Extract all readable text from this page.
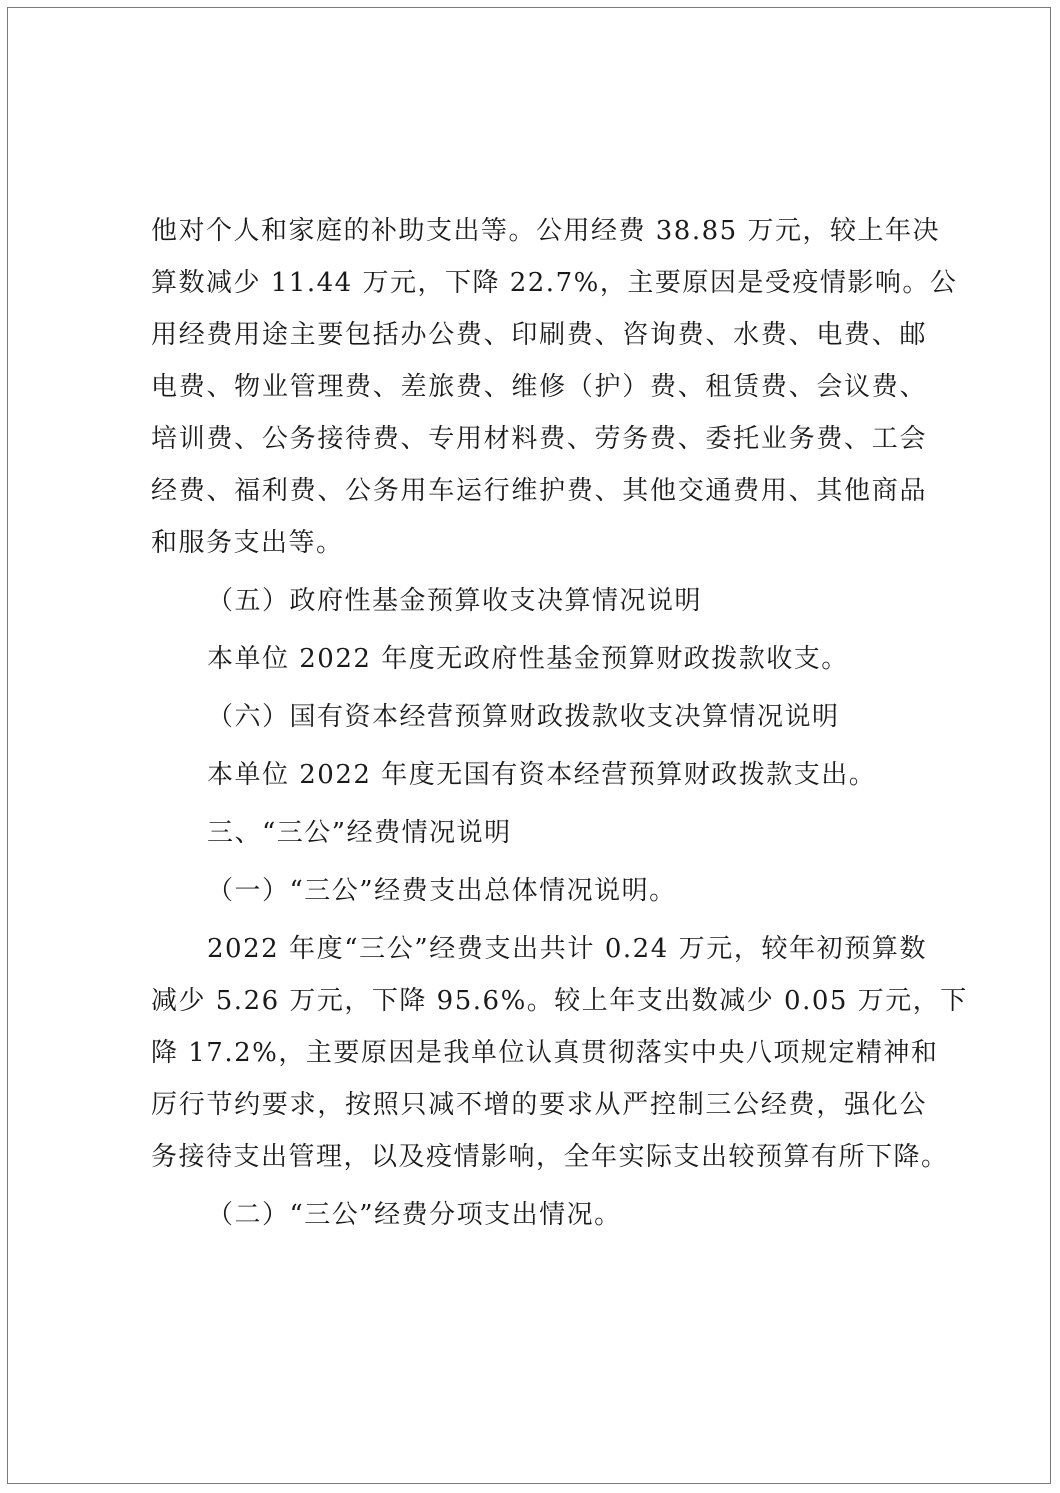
他对个人和家庭的补助支出等。公用经费 38.85 万元，较上年决
算数减少 11.44 万元，下降 22.7%，主要原因是受疫情影响。公
用经费用途主要包括办公费、印刷费、咨询费、水费、电费、邮
电费、物业管理费、差旅费、维修（护）费、租赁费、会议费、
培训费、公务接待费、专用材料费、劳务费、委托业务费、工会
经费、福利费、公务用车运行维护费、其他交通费用、其他商品
和服务支出等。
（五）政府性基金预算收支决算情况说明
本单位 2022 年度无政府性基金预算财政拨款收支。
（六）国有资本经营预算财政拨款收支决算情况说明
本单位 2022 年度无国有资本经营预算财政拨款支出。
三、“三公”经费情况说明
（一）“三公”经费支出总体情况说明。
2022 年度“三公”经费支出共计 0.24 万元，较年初预算数
减少 5.26 万元，下降 95.6%。较上年支出数减少 0.05 万元，下
降 17.2%，主要原因是我单位认真贯彻落实中央八项规定精神和
厉行节约要求，按照只减不增的要求从严控制三公经费，强化公
务接待支出管理，以及疫情影响，全年实际支出较预算有所下降。
（二）“三公”经费分项支出情况。
